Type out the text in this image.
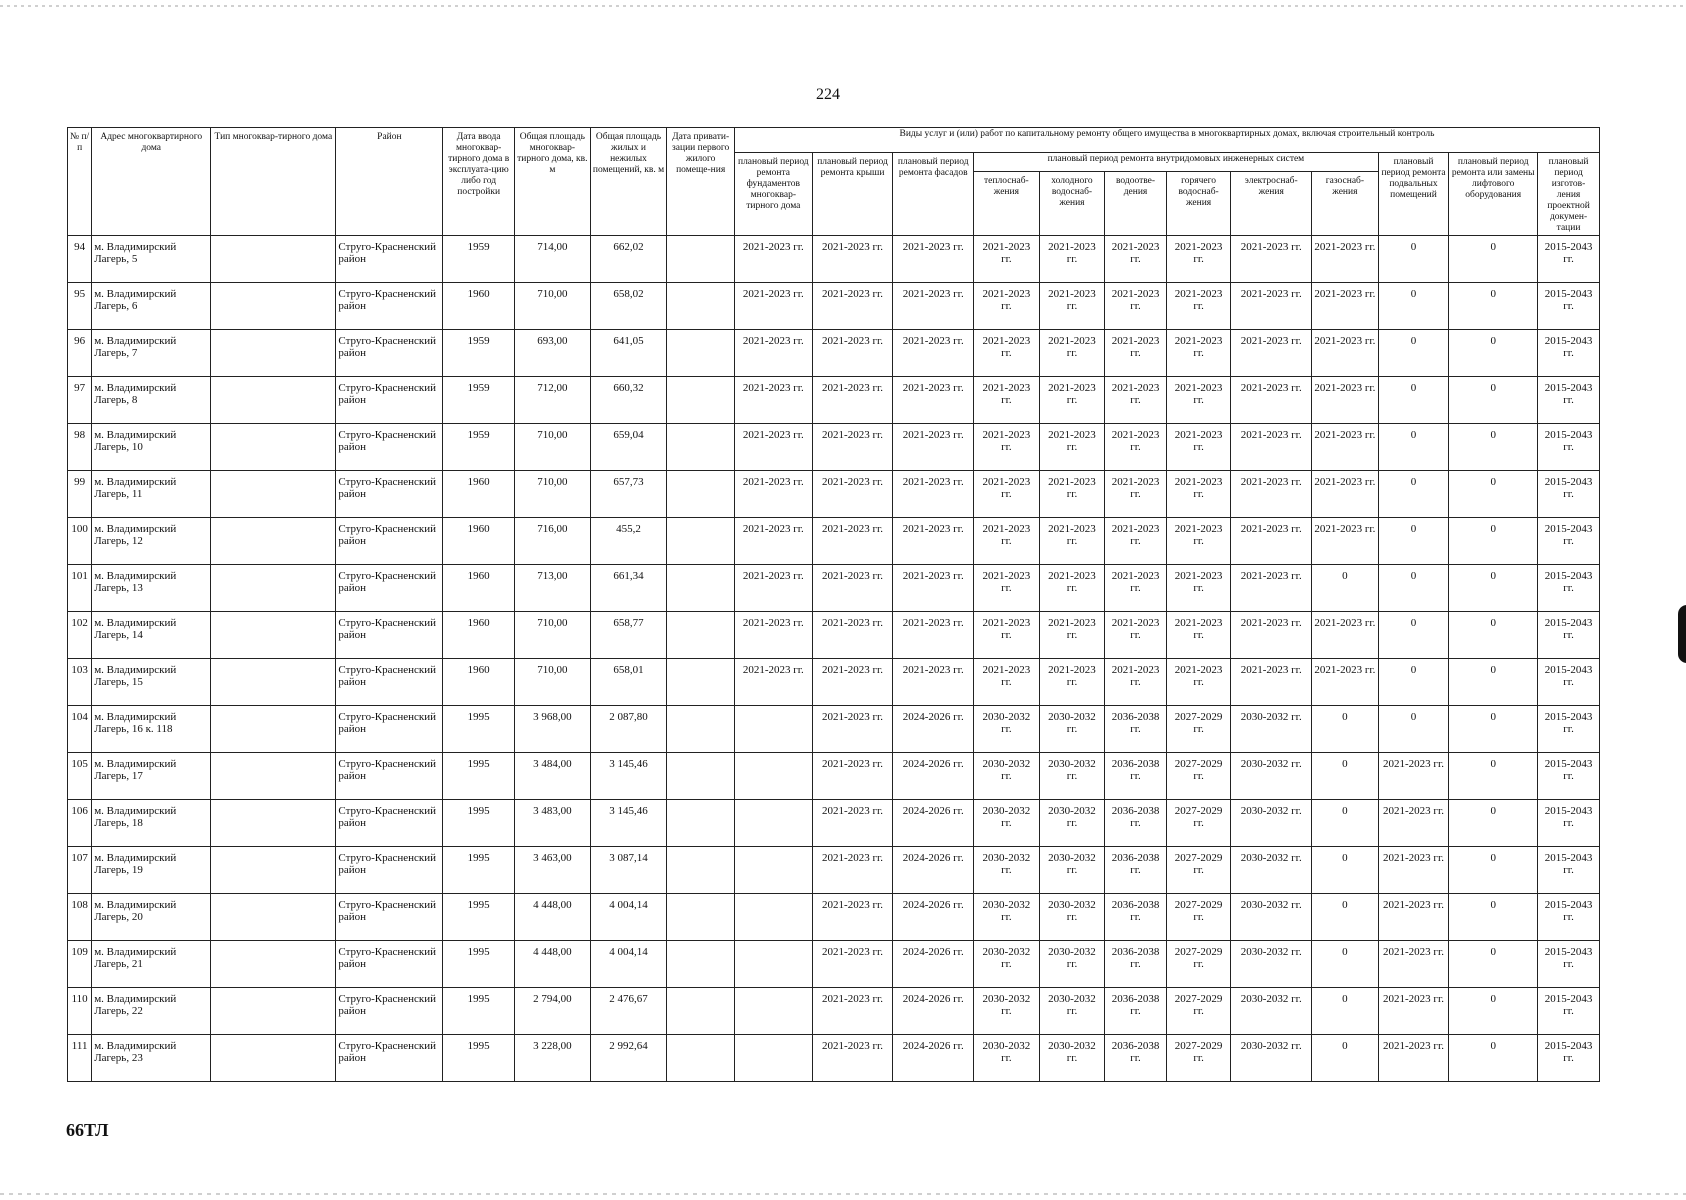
224
№ п/п	Адрес многоквартирного дома	Тип многоквар-тирного дома	Район	Дата ввода многоквар-тирного дома в эксплуата-цию либо год постройки	Общая площадь многоквар-тирного дома, кв. м	Общая площадь жилых и нежилых помещений, кв. м	Дата привати-зации первого жилого помеще-ния	Виды услуг и (или) работ по капитальному ремонту общего имущества в многоквартирных домах, включая строительный контроль											
								плановый период ремонта фундаментов многоквар-тирного дома	плановый период ремонта крыши	плановый период ремонта фасадов	плановый период ремонта внутридомовых инженерных систем						плановый период ремонта подвальных помещений	плановый период ремонта или замены лифтового оборудования	плановый период изготов-ления проектной докумен-тации
											теплоснаб-жения	холодного водоснаб-жения	водоотве-дения	горячего водоснаб-жения	электроснаб-жения	газоснаб-жения			
94	м. Владимирский Лагерь, 5		Струго-Красненский район	1959	714,00	662,02		2021-2023 гг.	2021-2023 гг.	2021-2023 гг.	2021-2023 гг.	2021-2023 гг.	2021-2023 гг.	2021-2023 гг.	2021-2023 гг.	2021-2023 гг.	0	0	2015-2043 гг.
95	м. Владимирский Лагерь, 6		Струго-Красненский район	1960	710,00	658,02		2021-2023 гг.	2021-2023 гг.	2021-2023 гг.	2021-2023 гг.	2021-2023 гг.	2021-2023 гг.	2021-2023 гг.	2021-2023 гг.	2021-2023 гг.	0	0	2015-2043 гг.
96	м. Владимирский Лагерь, 7		Струго-Красненский район	1959	693,00	641,05		2021-2023 гг.	2021-2023 гг.	2021-2023 гг.	2021-2023 гг.	2021-2023 гг.	2021-2023 гг.	2021-2023 гг.	2021-2023 гг.	2021-2023 гг.	0	0	2015-2043 гг.
97	м. Владимирский Лагерь, 8		Струго-Красненский район	1959	712,00	660,32		2021-2023 гг.	2021-2023 гг.	2021-2023 гг.	2021-2023 гг.	2021-2023 гг.	2021-2023 гг.	2021-2023 гг.	2021-2023 гг.	2021-2023 гг.	0	0	2015-2043 гг.
98	м. Владимирский Лагерь, 10		Струго-Красненский район	1959	710,00	659,04		2021-2023 гг.	2021-2023 гг.	2021-2023 гг.	2021-2023 гг.	2021-2023 гг.	2021-2023 гг.	2021-2023 гг.	2021-2023 гг.	2021-2023 гг.	0	0	2015-2043 гг.
99	м. Владимирский Лагерь, 11		Струго-Красненский район	1960	710,00	657,73		2021-2023 гг.	2021-2023 гг.	2021-2023 гг.	2021-2023 гг.	2021-2023 гг.	2021-2023 гг.	2021-2023 гг.	2021-2023 гг.	2021-2023 гг.	0	0	2015-2043 гг.
100	м. Владимирский Лагерь, 12		Струго-Красненский район	1960	716,00	455,2		2021-2023 гг.	2021-2023 гг.	2021-2023 гг.	2021-2023 гг.	2021-2023 гг.	2021-2023 гг.	2021-2023 гг.	2021-2023 гг.	2021-2023 гг.	0	0	2015-2043 гг.
101	м. Владимирский Лагерь, 13		Струго-Красненский район	1960	713,00	661,34		2021-2023 гг.	2021-2023 гг.	2021-2023 гг.	2021-2023 гг.	2021-2023 гг.	2021-2023 гг.	2021-2023 гг.	2021-2023 гг.	0	0	0	2015-2043 гг.
102	м. Владимирский Лагерь, 14		Струго-Красненский район	1960	710,00	658,77		2021-2023 гг.	2021-2023 гг.	2021-2023 гг.	2021-2023 гг.	2021-2023 гг.	2021-2023 гг.	2021-2023 гг.	2021-2023 гг.	2021-2023 гг.	0	0	2015-2043 гг.
103	м. Владимирский Лагерь, 15		Струго-Красненский район	1960	710,00	658,01		2021-2023 гг.	2021-2023 гг.	2021-2023 гг.	2021-2023 гг.	2021-2023 гг.	2021-2023 гг.	2021-2023 гг.	2021-2023 гг.	2021-2023 гг.	0	0	2015-2043 гг.
104	м. Владимирский Лагерь, 16 к. 118		Струго-Красненский район	1995	3 968,00	2 087,80			2021-2023 гг.	2024-2026 гг.	2030-2032 гг.	2030-2032 гг.	2036-2038 гг.	2027-2029 гг.	2030-2032 гг.	0	0	0	2015-2043 гг.
105	м. Владимирский Лагерь, 17		Струго-Красненский район	1995	3 484,00	3 145,46			2021-2023 гг.	2024-2026 гг.	2030-2032 гг.	2030-2032 гг.	2036-2038 гг.	2027-2029 гг.	2030-2032 гг.	0	2021-2023 гг.	0	2015-2043 гг.
106	м. Владимирский Лагерь, 18		Струго-Красненский район	1995	3 483,00	3 145,46			2021-2023 гг.	2024-2026 гг.	2030-2032 гг.	2030-2032 гг.	2036-2038 гг.	2027-2029 гг.	2030-2032 гг.	0	2021-2023 гг.	0	2015-2043 гг.
107	м. Владимирский Лагерь, 19		Струго-Красненский район	1995	3 463,00	3 087,14			2021-2023 гг.	2024-2026 гг.	2030-2032 гг.	2030-2032 гг.	2036-2038 гг.	2027-2029 гг.	2030-2032 гг.	0	2021-2023 гг.	0	2015-2043 гг.
108	м. Владимирский Лагерь, 20		Струго-Красненский район	1995	4 448,00	4 004,14			2021-2023 гг.	2024-2026 гг.	2030-2032 гг.	2030-2032 гг.	2036-2038 гг.	2027-2029 гг.	2030-2032 гг.	0	2021-2023 гг.	0	2015-2043 гг.
109	м. Владимирский Лагерь, 21		Струго-Красненский район	1995	4 448,00	4 004,14			2021-2023 гг.	2024-2026 гг.	2030-2032 гг.	2030-2032 гг.	2036-2038 гг.	2027-2029 гг.	2030-2032 гг.	0	2021-2023 гг.	0	2015-2043 гг.
110	м. Владимирский Лагерь, 22		Струго-Красненский район	1995	2 794,00	2 476,67			2021-2023 гг.	2024-2026 гг.	2030-2032 гг.	2030-2032 гг.	2036-2038 гг.	2027-2029 гг.	2030-2032 гг.	0	2021-2023 гг.	0	2015-2043 гг.
111	м. Владимирский Лагерь, 23		Струго-Красненский район	1995	3 228,00	2 992,64			2021-2023 гг.	2024-2026 гг.	2030-2032 гг.	2030-2032 гг.	2036-2038 гг.	2027-2029 гг.	2030-2032 гг.	0	2021-2023 гг.	0	2015-2043 гг.
66ТЛ
